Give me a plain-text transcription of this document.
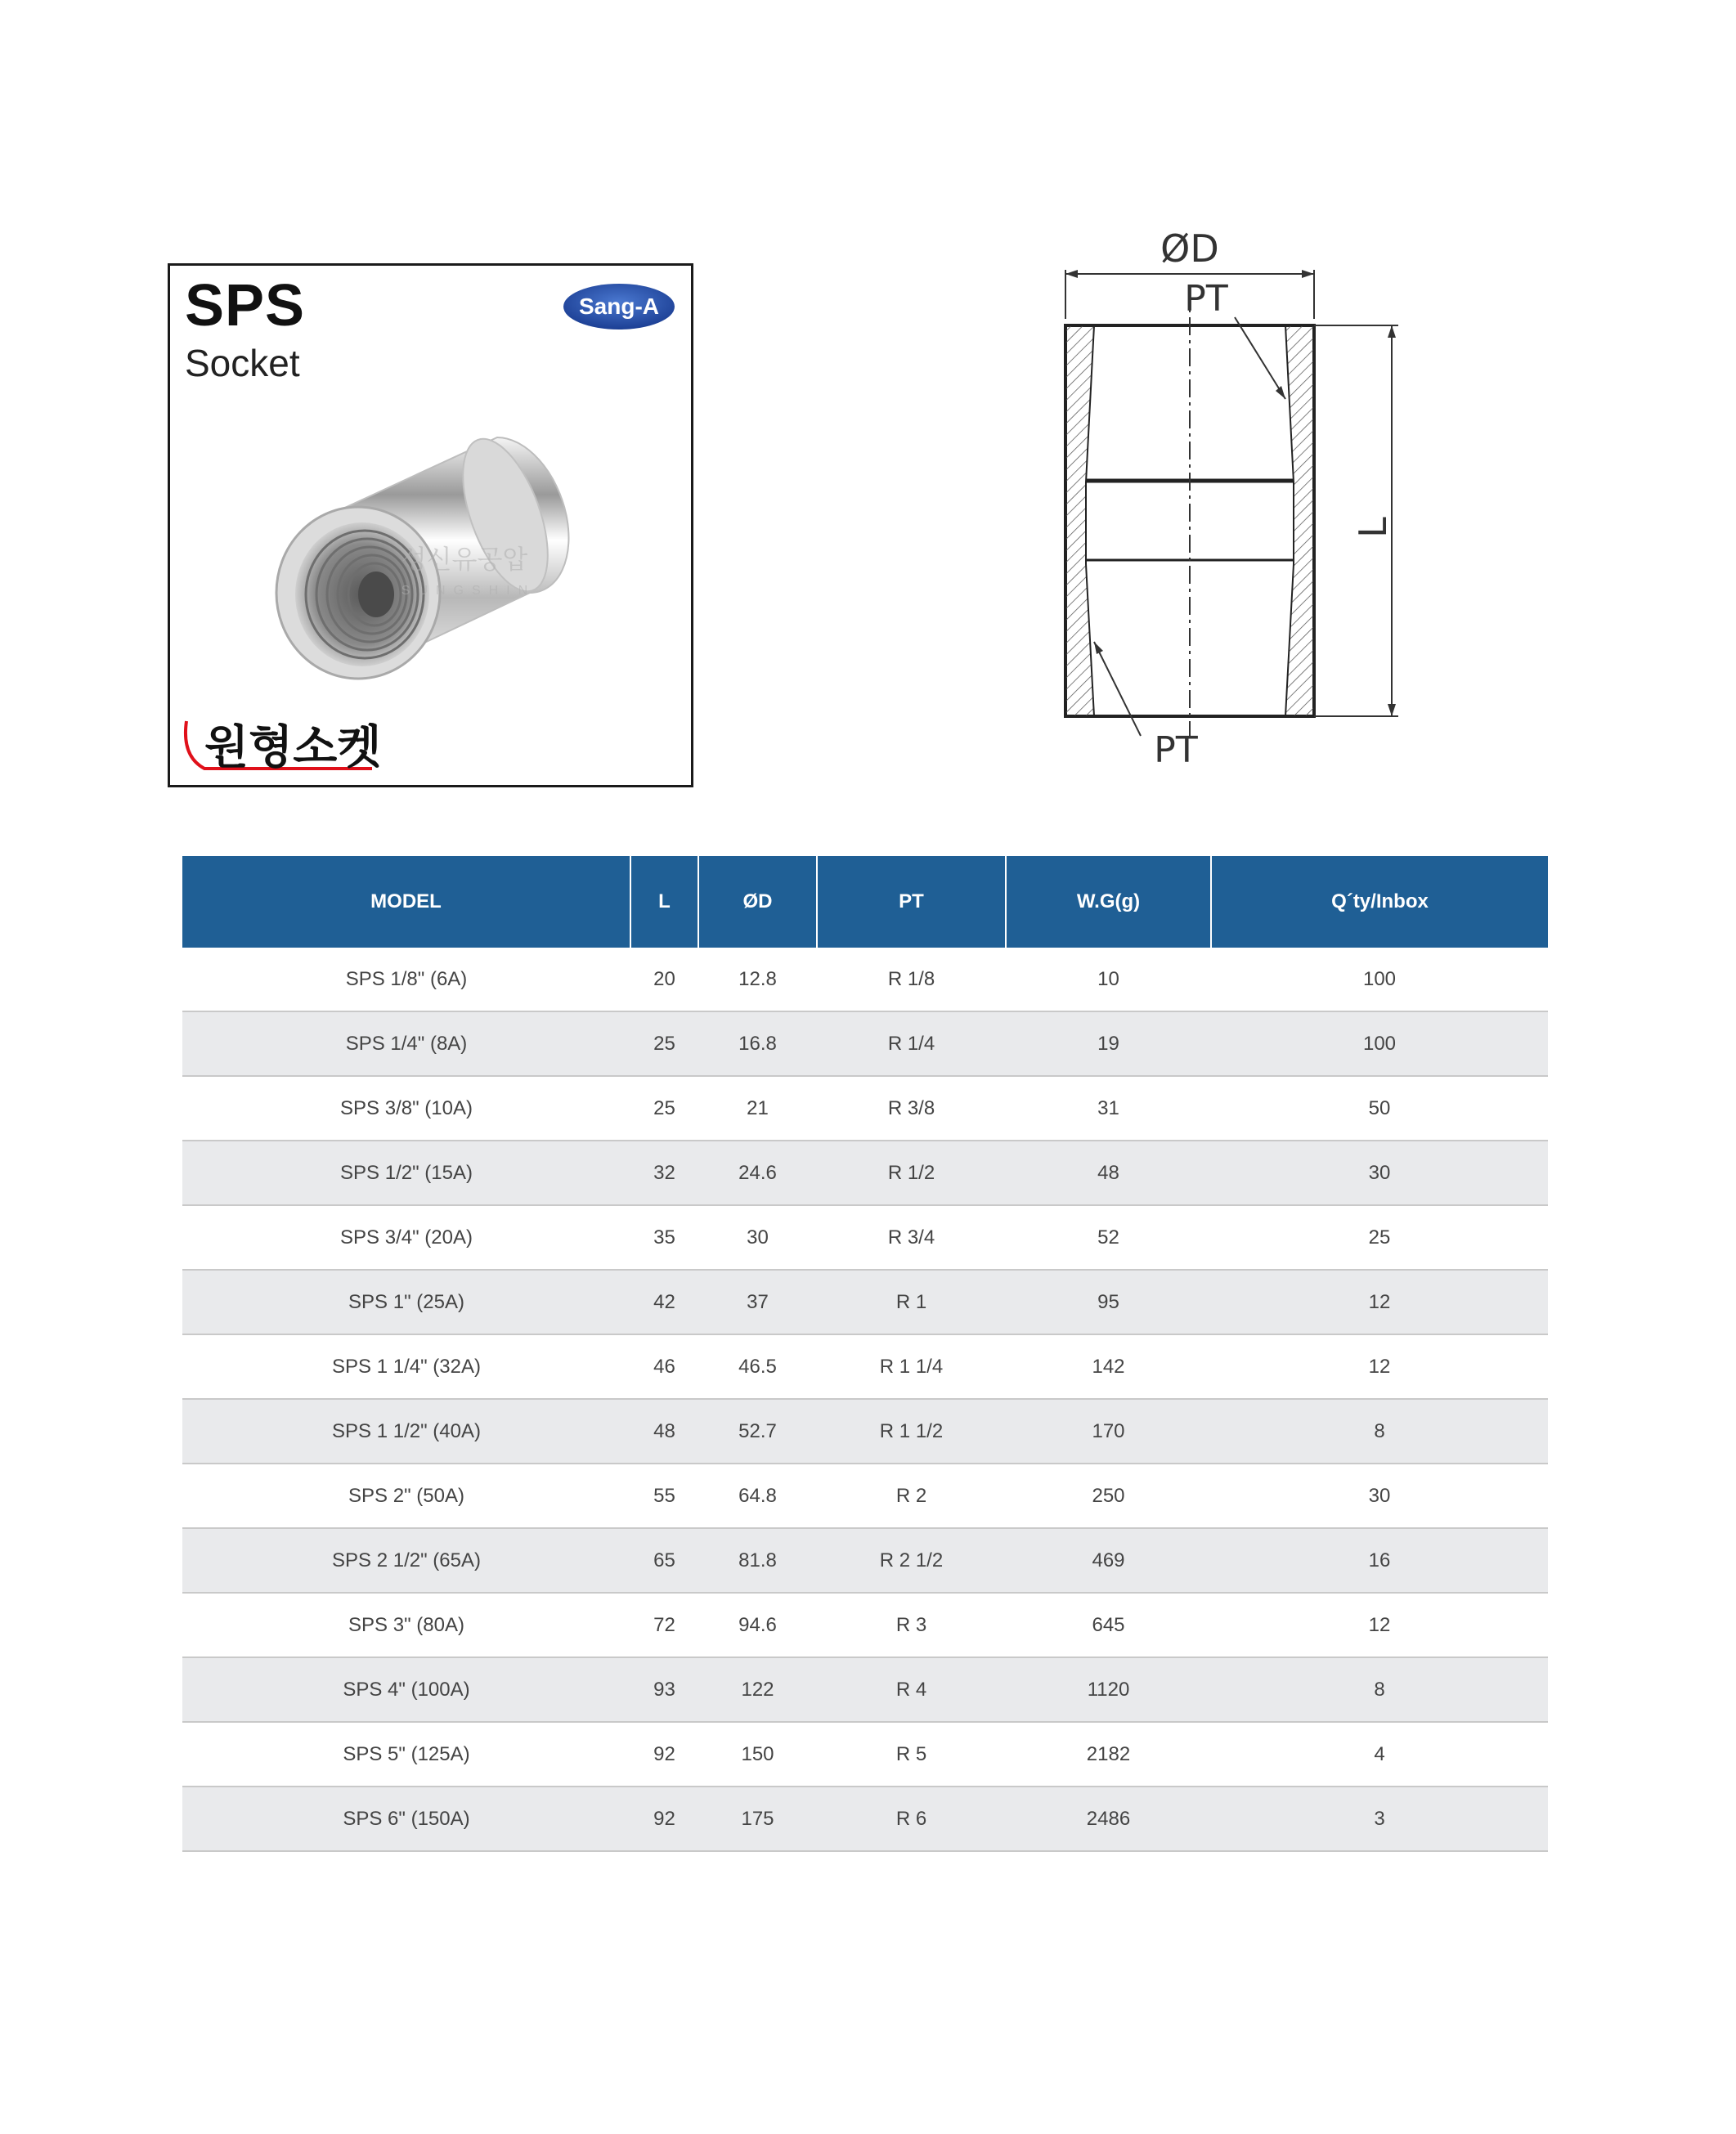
SPS
Socket
Sang-A
성신유공압
SUNGSHIN
원형소켓
ØD
L
PT
PT
MODEL	L	ØD	PT	W.G(g)	Q´ty/Inbox
SPS 1/8" (6A)	20	12.8	R 1/8	10	100
SPS 1/4" (8A)	25	16.8	R 1/4	19	100
SPS 3/8" (10A)	25	21	R 3/8	31	50
SPS 1/2" (15A)	32	24.6	R 1/2	48	30
SPS 3/4" (20A)	35	30	R 3/4	52	25
SPS 1" (25A)	42	37	R 1	95	12
SPS 1 1/4" (32A)	46	46.5	R 1 1/4	142	12
SPS 1 1/2" (40A)	48	52.7	R 1 1/2	170	8
SPS 2" (50A)	55	64.8	R 2	250	30
SPS 2 1/2" (65A)	65	81.8	R 2 1/2	469	16
SPS 3" (80A)	72	94.6	R 3	645	12
SPS 4" (100A)	93	122	R 4	1120	8
SPS 5" (125A)	92	150	R 5	2182	4
SPS 6" (150A)	92	175	R 6	2486	3
